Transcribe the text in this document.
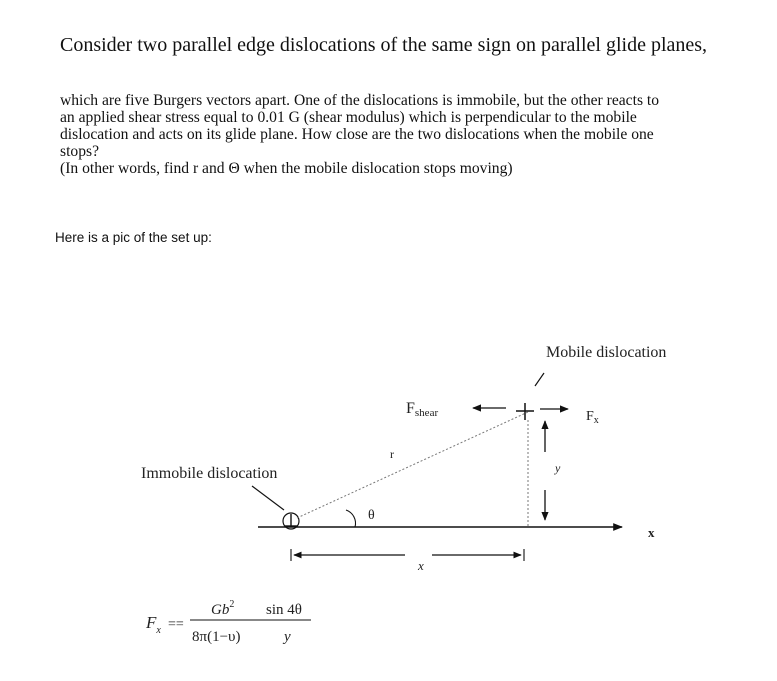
Consider two parallel edge dislocations of the same sign on parallel glide planes,

which are five Burgers vectors apart. One of the dislocations is immobile, but the other reacts to

an applied shear stress equal to 0.01 G (shear modulus) which is perpendicular to the mobile

dislocation and acts on its glide plane. How close are the two dislocations when the mobile one

stops?

(In other words, find r and Θ when the mobile dislocation stops moving)

Here is a pic of the set up:
x
Immobile dislocation
r
θ
Mobile dislocation
Fshear	$F_x$
y
x
$F_x$ ==
$Gb^2$ sin 4θ
8π(1−υ)	y
